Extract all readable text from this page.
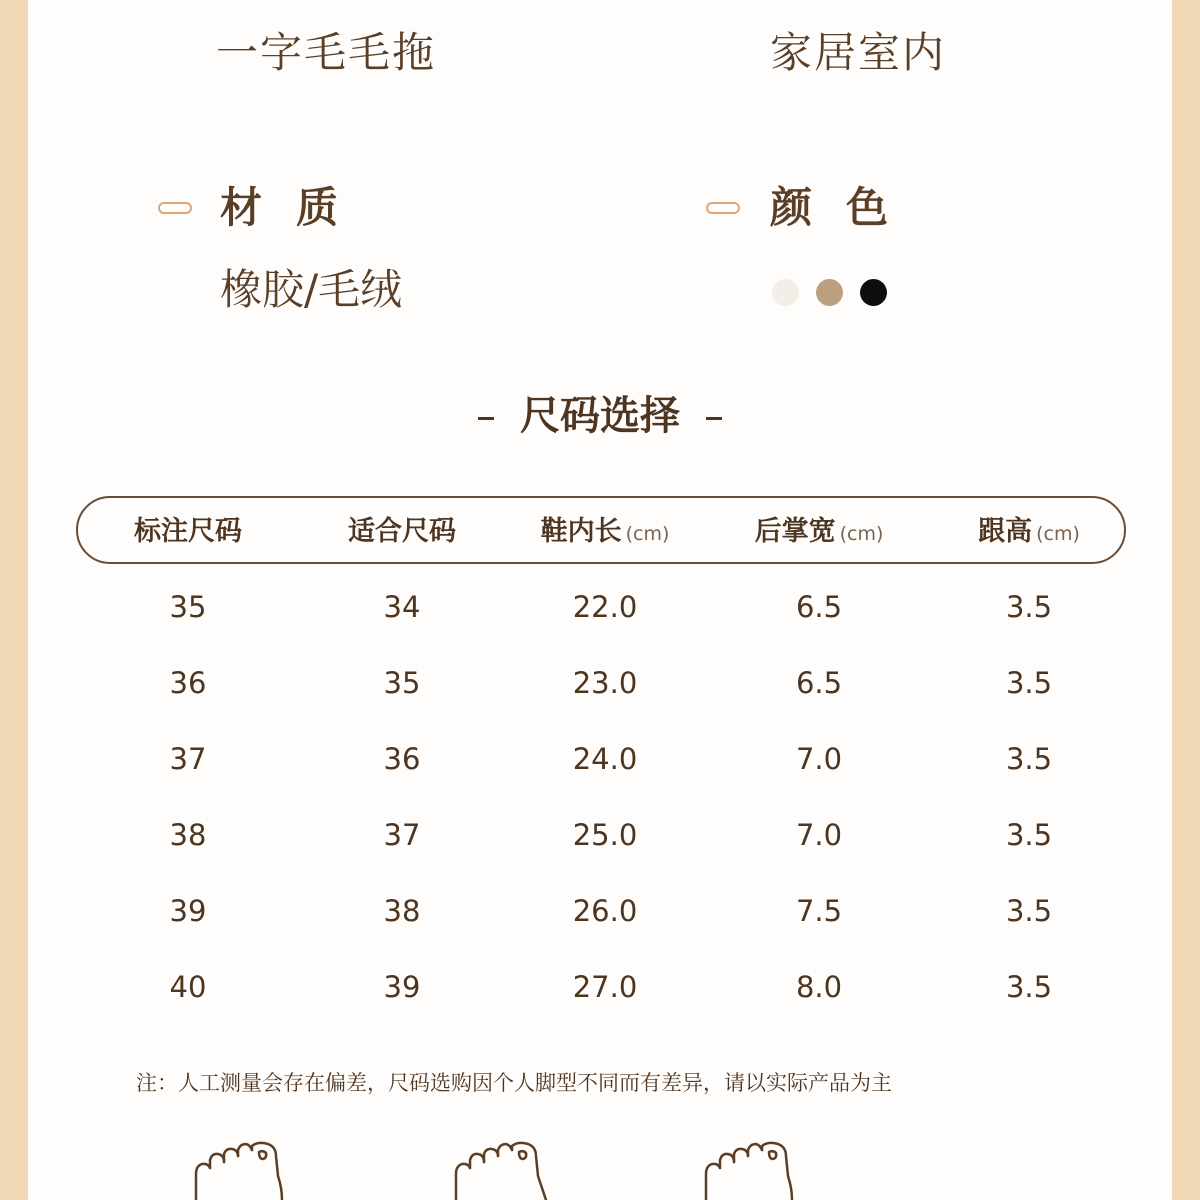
一字毛毛拖	家居室内
材质
橡胶/毛绒
颜色
尺码选择
标注尺码	适合尺码	鞋内长 (cm)	后掌宽 (cm)	跟高 (cm)
35	34	22.0	6.5	3.5
36	35	23.0	6.5	3.5
37	36	24.0	7.0	3.5
38	37	25.0	7.0	3.5
39	38	26.0	7.5	3.5
40	39	27.0	8.0	3.5
注：人工测量会存在偏差，尺码选购因个人脚型不同而有差异，请以实际产品为主
